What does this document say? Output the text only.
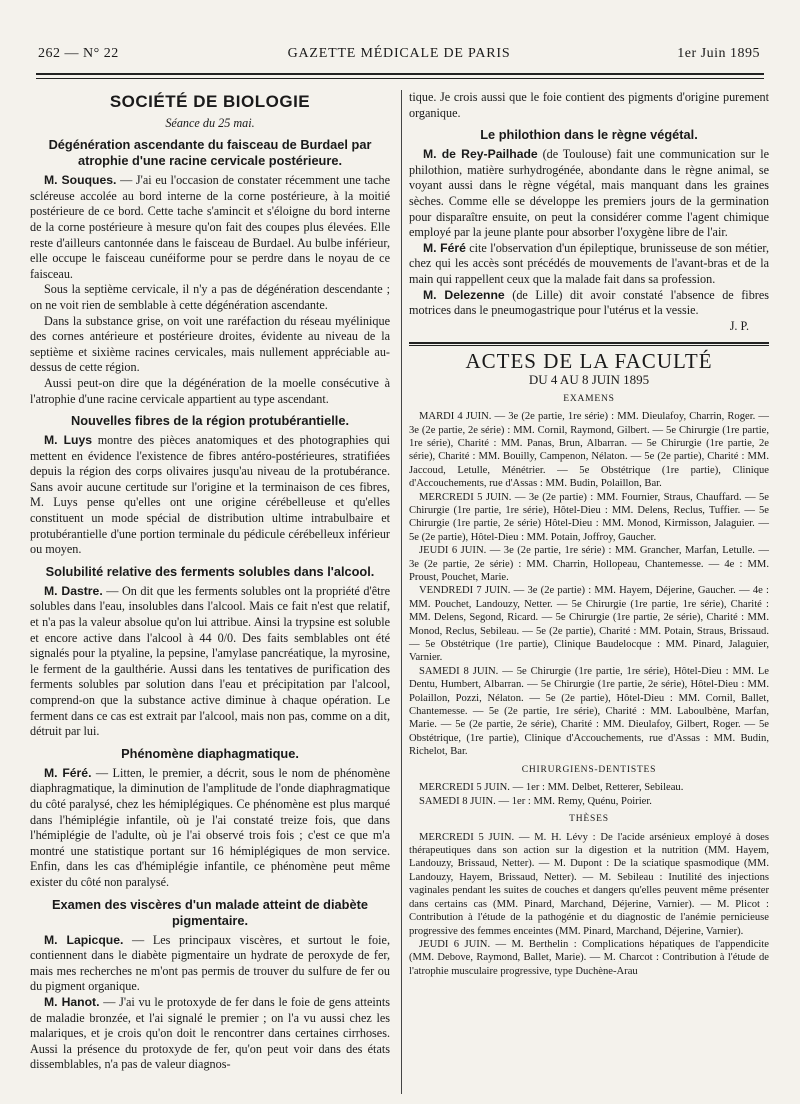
262 — N° 22	GAZETTE MÉDICALE DE PARIS	1er Juin 1895
SOCIÉTÉ DE BIOLOGIE
Séance du 25 mai.
Dégénération ascendante du faisceau de Burdael par atrophie d'une racine cervicale postérieure.

M. Souques. — J'ai eu l'occasion de constater récemment une tache scléreuse accolée au bord interne de la corne postérieure, à la moitié postérieure de ce bord. Cette tache s'amincit et s'éloigne du bord interne de la corne postérieure à mesure qu'on fait des coupes plus élevées. Elle reste d'ailleurs cantonnée dans le faisceau de Burdael. Au bulbe inférieur, elle occupe le faisceau cunéiforme pour se perdre dans le noyau de ce faisceau.

Sous la septième cervicale, il n'y a pas de dégénération descendante ; on ne voit rien de semblable à cette dégénération ascendante.

Dans la substance grise, on voit une raréfaction du réseau myélinique des cornes antérieure et postérieure droites, évidente au niveau de la septième et sixième racines cervicales, mais nullement appréciable au-dessus de cette région.

Aussi peut-on dire que la dégénération de la moelle consécutive à l'atrophie d'une racine cervicale appartient au type ascendant.

Nouvelles fibres de la région protubérantielle.

M. Luys montre des pièces anatomiques et des photographies qui mettent en évidence l'existence de fibres antéro-postérieures, stratifiées depuis la région des corps olivaires jusqu'au niveau de la protubérance. Sans avoir aucune certitude sur l'origine et la terminaison de ces fibres, M. Luys pense qu'elles ont une origine cérébelleuse et qu'elles constituent un mode spécial de distribution ultime intrabulbaire et protubérantielle d'une portion terminale du pédicule cérébelleux inférieur ou moyen.

Solubilité relative des ferments solubles dans l'alcool.

M. Dastre. — On dit que les ferments solubles ont la propriété d'être solubles dans l'eau, insolubles dans l'alcool. Mais ce fait n'est que relatif, et n'a pas la valeur absolue qu'on lui attribue. Ainsi la trypsine est soluble et encore active dans l'alcool à 44 0/0. Des faits semblables ont été signalés pour la ptyaline, la pepsine, l'amylase pancréatique, la myrosine, le ferment de la gaulthérie. Aussi dans les tentatives de purification des ferments solubles par solution dans l'eau et précipitation par l'alcool, comprend-on que la substance active diminue à chaque opération. Le ferment dans ce cas est extrait par l'alcool, mais non pas, comme on a dit, détruit par lui.

Phénomène diaphagmatique.

M. Féré. — Litten, le premier, a décrit, sous le nom de phénomène diaphragmatique, la diminution de l'amplitude de l'onde diaphragmatique du côté paralysé, chez les hémiplégiques. Ce phénomène est plus marqué dans l'hémiplégie infantile, où je l'ai constaté treize fois, que dans l'hémiplégie de l'adulte, où je l'ai observé trois fois ; c'est ce que m'a montré une statistique portant sur 16 hémiplégiques de mon service. Enfin, dans les cas d'hémiplégie infantile, ce phénomène peut même exister du côté non paralysé.

Examen des viscères d'un malade atteint de diabète pigmentaire.

M. Lapicque. — Les principaux viscères, et surtout le foie, contiennent dans le diabète pigmentaire un hydrate de peroxyde de fer, mais mes recherches ne m'ont pas permis de trouver du sulfure de fer ou du pigment organique.

M. Hanot. — J'ai vu le protoxyde de fer dans le foie de gens atteints de maladie bronzée, et l'ai signalé le premier ; on l'a vu aussi chez les malariques, et je crois qu'on doit le rencontrer dans certaines cirrhoses. Aussi la présence du protoxyde de fer, qu'on peut voir dans des états dissemblables, n'a pas de valeur diagnos-

tique. Je crois aussi que le foie contient des pigments d'origine purement organique.

Le philothion dans le règne végétal.

M. de Rey-Pailhade (de Toulouse) fait une communication sur le philothion, matière surhydrogénée, abondante dans le règne animal, se voyant aussi dans le règne végétal, mais manquant dans les graines sèches. Comme elle se développe les premiers jours de la germination pour disparaître ensuite, on peut la considérer comme l'agent chimique employé par la jeune plante pour absorber l'oxygène libre de l'air.

M. Féré cite l'observation d'un épileptique, brunisseuse de son métier, chez qui les accès sont précédés de mouvements de l'avant-bras et de la main qui rappellent ceux que la malade fait dans sa profession.

M. Delezenne (de Lille) dit avoir constaté l'absence de fibres motrices dans le pneumogastrique pour l'utérus et la vessie.

J. P.
ACTES DE LA FACULTÉ
DU 4 AU 8 JUIN 1895
EXAMENS

MARDI 4 JUIN. — 3e (2e partie, 1re série) : MM. Dieulafoy, Charrin, Roger. — 3e (2e partie, 2e série) : MM. Cornil, Raymond, Gilbert. — 5e Chirurgie (1re partie, 1re série), Charité : MM. Panas, Brun, Albarran. — 5e Chirurgie (1re partie, 2e série), Charité : MM. Bouilly, Campenon, Nélaton. — 5e (2e partie), Charité : MM. Jaccoud, Letulle, Ménétrier. — 5e Obstétrique (1re partie), Clinique d'Accouchements, rue d'Assas : MM. Budin, Polaillon, Bar.

MERCREDI 5 JUIN. — 3e (2e partie) : MM. Fournier, Straus, Chauffard. — 5e Chirurgie (1re partie, 1re série), Hôtel-Dieu : MM. Delens, Reclus, Tuffier. — 5e Chirurgie (1re partie, 2e série) Hôtel-Dieu : MM. Monod, Kirmisson, Jalaguier. — 5e (2e partie), Hôtel-Dieu : MM. Potain, Joffroy, Gaucher.

JEUDI 6 JUIN. — 3e (2e partie, 1re série) : MM. Grancher, Marfan, Letulle. — 3e (2e partie, 2e série) : MM. Charrin, Hollopeau, Chantemesse. — 4e : MM. Proust, Pouchet, Marie.

VENDREDI 7 JUIN. — 3e (2e partie) : MM. Hayem, Déjerine, Gaucher. — 4e : MM. Pouchet, Landouzy, Netter. — 5e Chirurgie (1re partie, 1re série), Charité : MM. Delens, Segond, Ricard. — 5e Chirurgie (1re partie, 2e série), Charité : MM. Monod, Reclus, Sebileau. — 5e (2e partie), Charité : MM. Potain, Straus, Brissaud. — 5e Obstétrique (1re partie), Clinique Baudelocque : MM. Pinard, Jalaguier, Varnier.

SAMEDI 8 JUIN. — 5e Chirurgie (1re partie, 1re série), Hôtel-Dieu : MM. Le Dentu, Humbert, Albarran. — 5e Chirurgie (1re partie, 2e série), Hôtel-Dieu : MM. Polaillon, Pozzi, Nélaton. — 5e (2e partie), Hôtel-Dieu : MM. Cornil, Ballet, Chantemesse. — 5e (2e partie, 1re série), Charité : MM. Laboulbène, Marfan, Marie. — 5e (2e partie, 2e série), Charité : MM. Dieulafoy, Gilbert, Roger. — 5e Obstétrique, (1re partie), Clinique d'Accouchements, rue d'Assas : MM. Budin, Richelot, Bar.

CHIRURGIENS-DENTISTES

MERCREDI 5 JUIN. — 1er : MM. Delbet, Retterer, Sebileau.

SAMEDI 8 JUIN. — 1er : MM. Remy, Quénu, Poirier.

THÈSES

MERCREDI 5 JUIN. — M. H. Lévy : De l'acide arsénieux employé à doses thérapeutiques dans son action sur la digestion et la nutrition (MM. Hayem, Landouzy, Brissaud, Netter). — M. Dupont : De la sciatique spasmodique (MM. Landouzy, Hayem, Brissaud, Netter). — M. Sebileau : Inutilité des injections vaginales pendant les suites de couches et dangers qu'elles peuvent même présenter dans certains cas (MM. Pinard, Marchand, Déjerine, Varnier). — M. Plicot : Contribution à l'étude de la pathogénie et du diagnostic de l'anémie pernicieuse progressive des femmes enceintes (MM. Pinard, Marchand, Déjerine, Varnier).

JEUDI 6 JUIN. — M. Berthelin : Complications hépatiques de l'appendicite (MM. Debove, Raymond, Ballet, Marie). — M. Charcot : Contribution à l'étude de l'atrophie musculaire progressive, type Duchène-Arau
